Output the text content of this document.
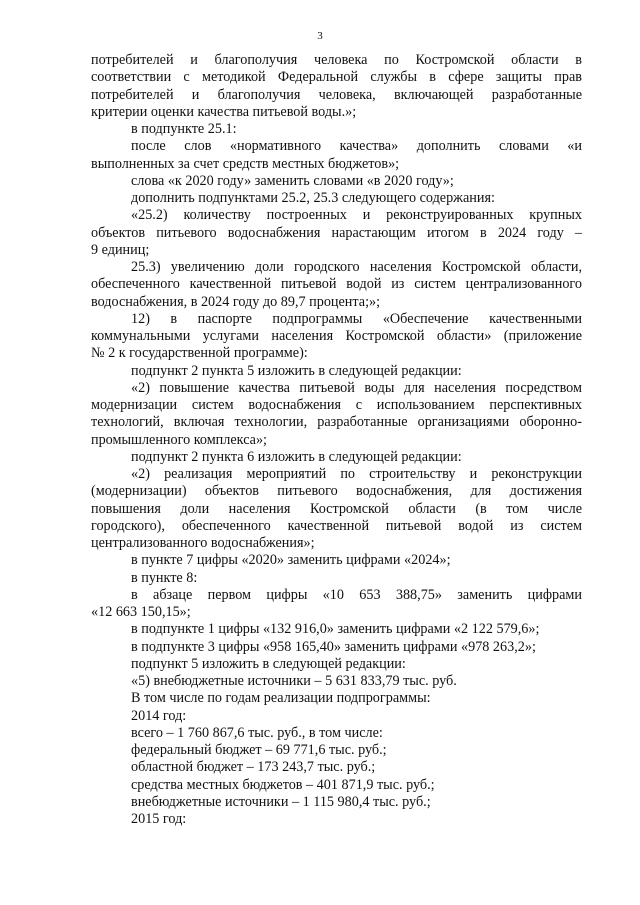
3

потребителей и благополучия человека по Костромской области в

соответствии с методикой Федеральной службы в сфере защиты прав

потребителей и благополучия человека, включающей разработанные

критерии оценки качества питьевой воды.»;

в подпункте 25.1:

после слов «нормативного качества» дополнить словами «и

выполненных за счет средств местных бюджетов»;

слова «к 2020 году» заменить словами «в 2020 году»;

дополнить подпунктами 25.2, 25.3 следующего содержания:

«25.2) количеству построенных и реконструированных крупных

объектов питьевого водоснабжения нарастающим итогом в 2024 году –

9 единиц;

25.3) увеличению доли городского населения Костромской области,

обеспеченного качественной питьевой водой из систем централизованного

водоснабжения, в 2024 году до 89,7 процента;»;

12) в паспорте подпрограммы «Обеспечение качественными

коммунальными услугами населения Костромской области» (приложение

№ 2 к государственной программе):

подпункт 2 пункта 5 изложить в следующей редакции:

«2) повышение качества питьевой воды для населения посредством

модернизации систем водоснабжения с использованием перспективных

технологий, включая технологии, разработанные организациями оборонно-

промышленного комплекса»;

подпункт 2 пункта 6 изложить в следующей редакции:

«2) реализация мероприятий по строительству и реконструкции

(модернизации) объектов питьевого водоснабжения, для достижения

повышения доли населения Костромской области (в том числе

городского), обеспеченного качественной питьевой водой из систем

централизованного водоснабжения»;

в пункте 7 цифры «2020» заменить цифрами «2024»;

в пункте 8:

в абзаце первом цифры «10 653 388,75» заменить цифрами

«12 663 150,15»;

в подпункте 1 цифры «132 916,0» заменить цифрами «2 122 579,6»;

в подпункте 3 цифры «958 165,40» заменить цифрами «978 263,2»;

подпункт 5 изложить в следующей редакции:

«5) внебюджетные источники – 5 631 833,79 тыс. руб.

В том числе по годам реализации подпрограммы:

2014 год:

всего – 1 760 867,6 тыс. руб., в том числе:

федеральный бюджет – 69 771,6 тыс. руб.;

областной бюджет – 173 243,7 тыс. руб.;

средства местных бюджетов – 401 871,9 тыс. руб.;

внебюджетные источники – 1 115 980,4 тыс. руб.;

2015 год:
